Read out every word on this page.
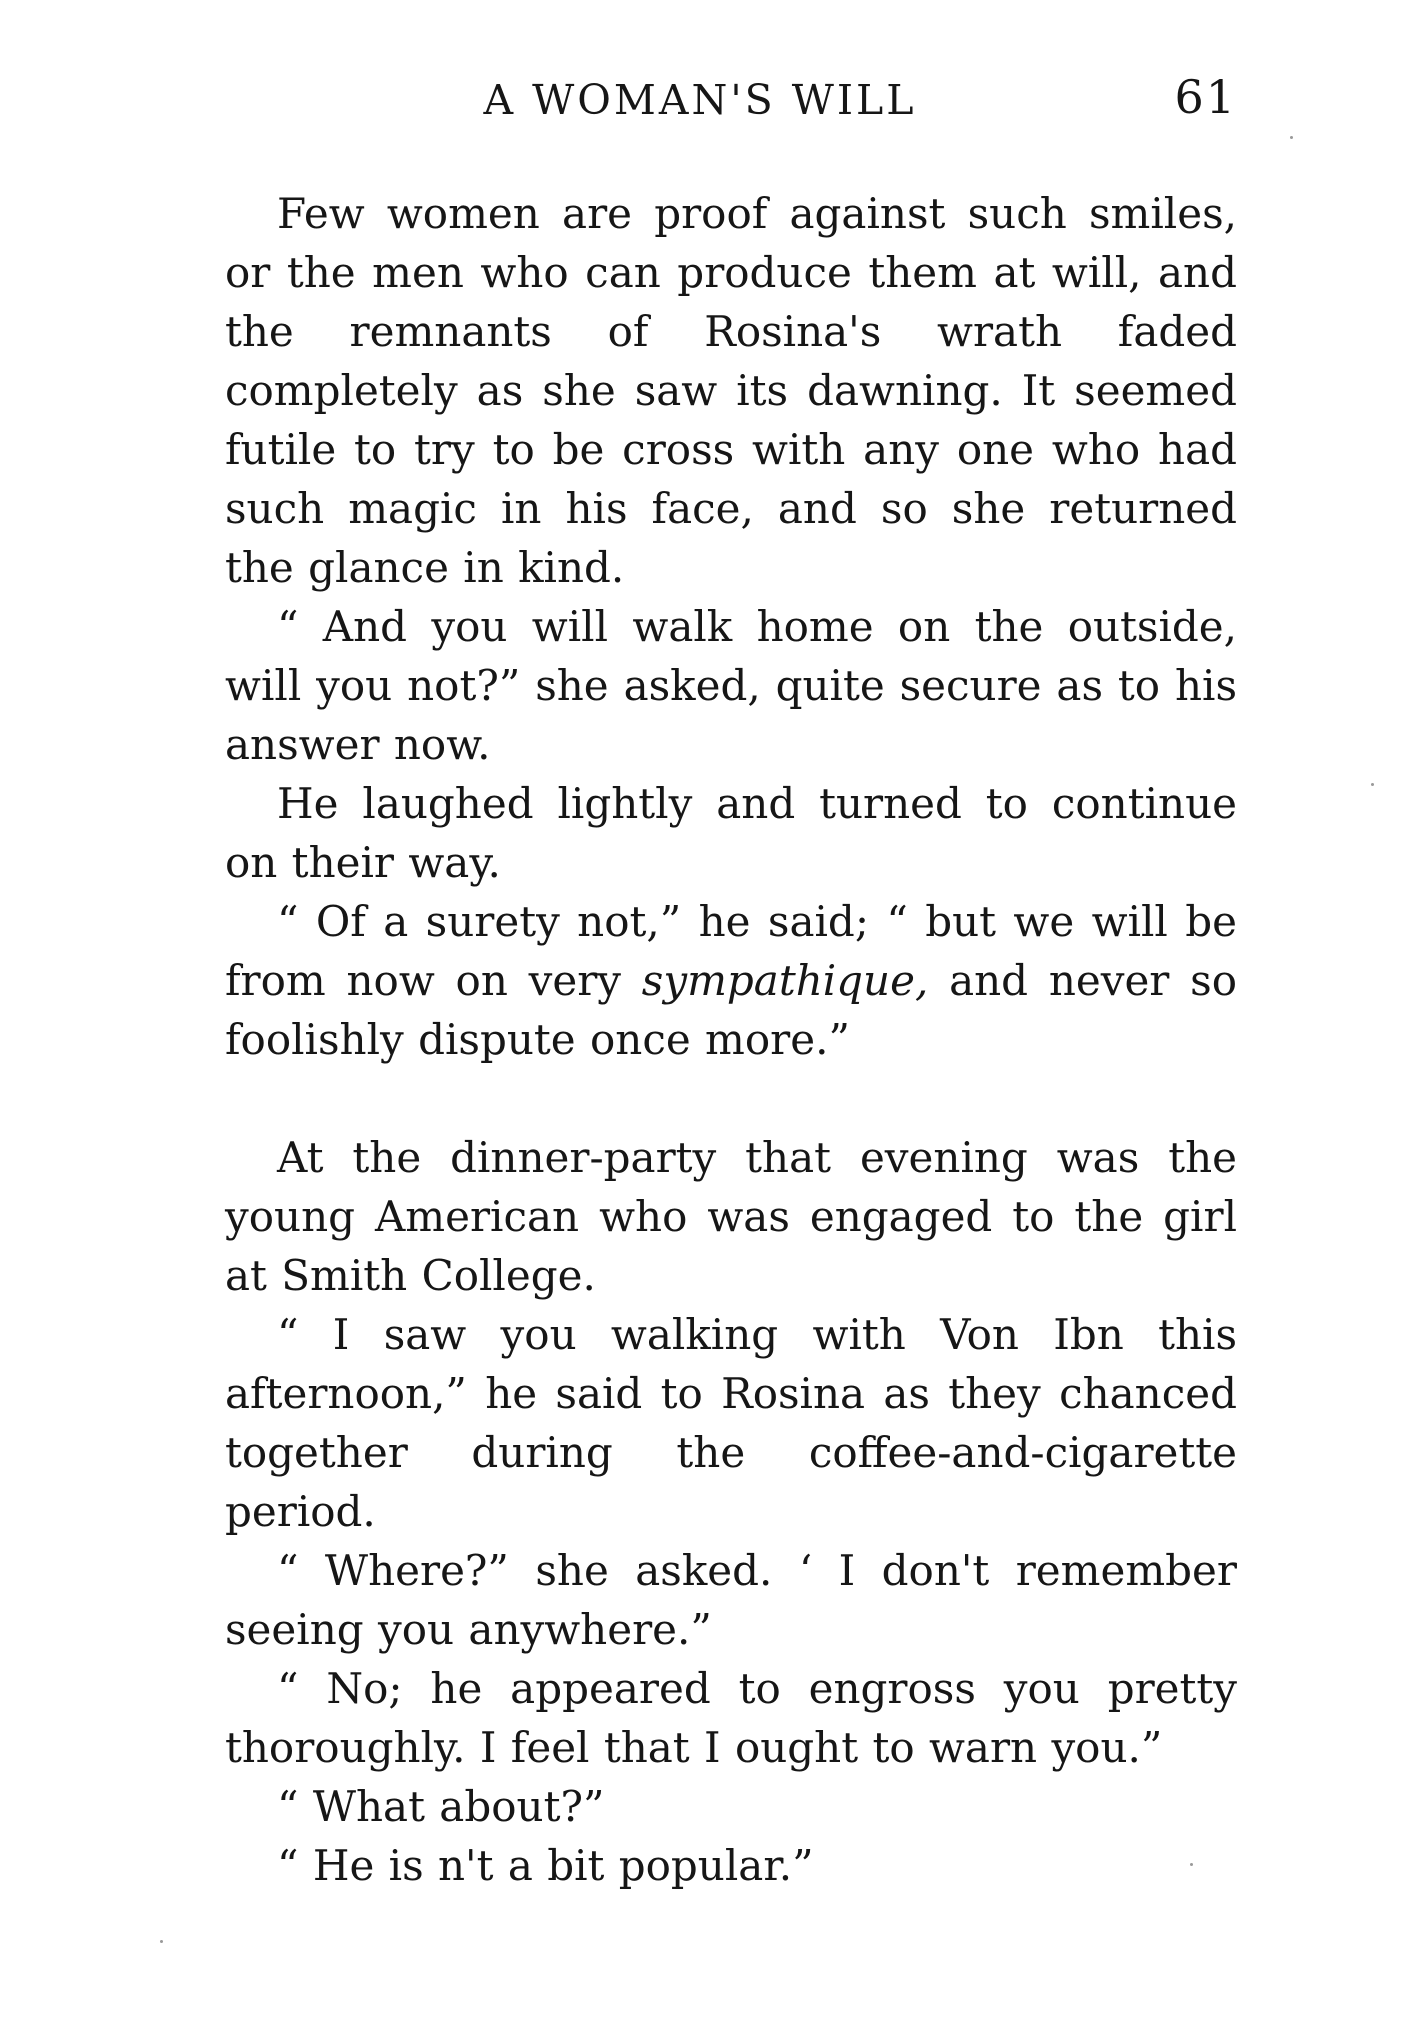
A WOMAN'S WILL	61

Few women are proof against such smiles, or the men who can produce them at will, and the remnants of Rosina's wrath faded completely as she saw its dawning. It seemed futile to try to be cross with any one who had such magic in his face, and so she returned the glance in kind.

“ And you will walk home on the outside, will you not?” she asked, quite secure as to his answer now.

He laughed lightly and turned to continue on their way.

“ Of a surety not,” he said; “ but we will be from now on very sympathique, and never so foolishly dispute once more.”

At the dinner-party that evening was the young American who was engaged to the girl at Smith College.

“ I saw you walking with Von Ibn this afternoon,” he said to Rosina as they chanced together during the coffee-and-cigarette period.

“ Where?” she asked. ‘ I don't remember seeing you anywhere.”

“ No; he appeared to engross you pretty thoroughly. I feel that I ought to warn you.”

“ What about?”

“ He is n't a bit popular.”
